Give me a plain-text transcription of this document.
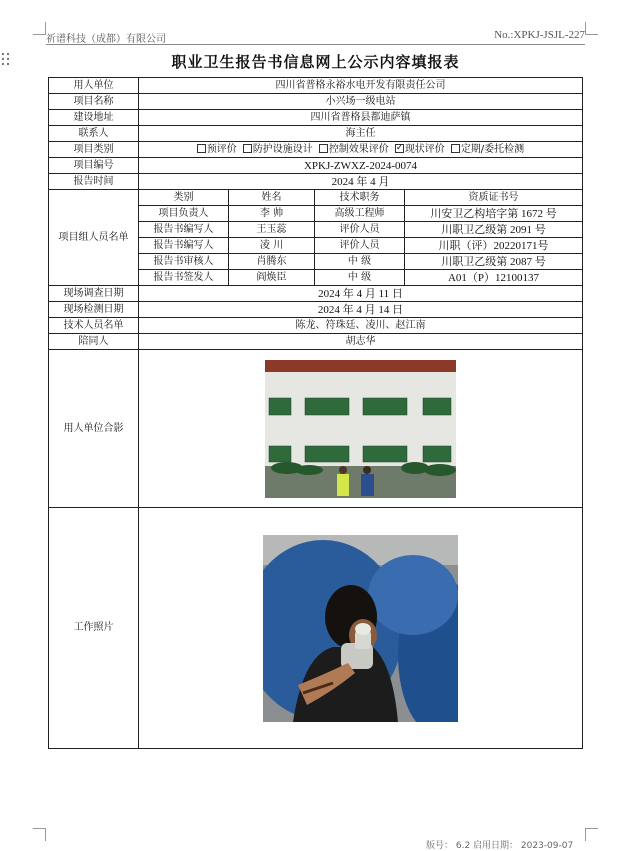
祈谱科技（成都）有限公司	No.:XPKJ-JSJL-227
职业卫生报告书信息网上公示内容填报表
用人单位	四川省普格永裕水电开发有限责任公司			
项目名称	小兴场一级电站			
建设地址	四川省普格县都迪萨镇			
联系人	海主任			
项目类别	预评价 防护设施设计 控制效果评价 ✓ 现状评价 定期/委托检测
项目编号	XPKJ-ZWXZ-2024-0074			
报告时间	2024 年 4 月			
项目组人员名单	类别	姓名	技术职务	资质证书号
	项目负责人	李 帅	高级工程师	川安卫乙构培字第 1672 号
	报告书编写人	王玉蕊	评价人员	川职卫乙级第 2091 号
	报告书编写人	凌 川	评价人员	川职（评）20220171号
	报告书审核人	肖腾东	中 级	川职卫乙级第 2087 号
	报告书签发人	阎焕臣	中 级	A01（P）12100137
现场调查日期	2024 年 4 月 11 日			
现场检测日期	2024 年 4 月 14 日			
技术人员名单	陈龙、符珠廷、凌川、赵江南			
陪同人	胡志华			
用人单位合影	

工作照片	
版号： 6.2 启用日期： 2023-09-07
